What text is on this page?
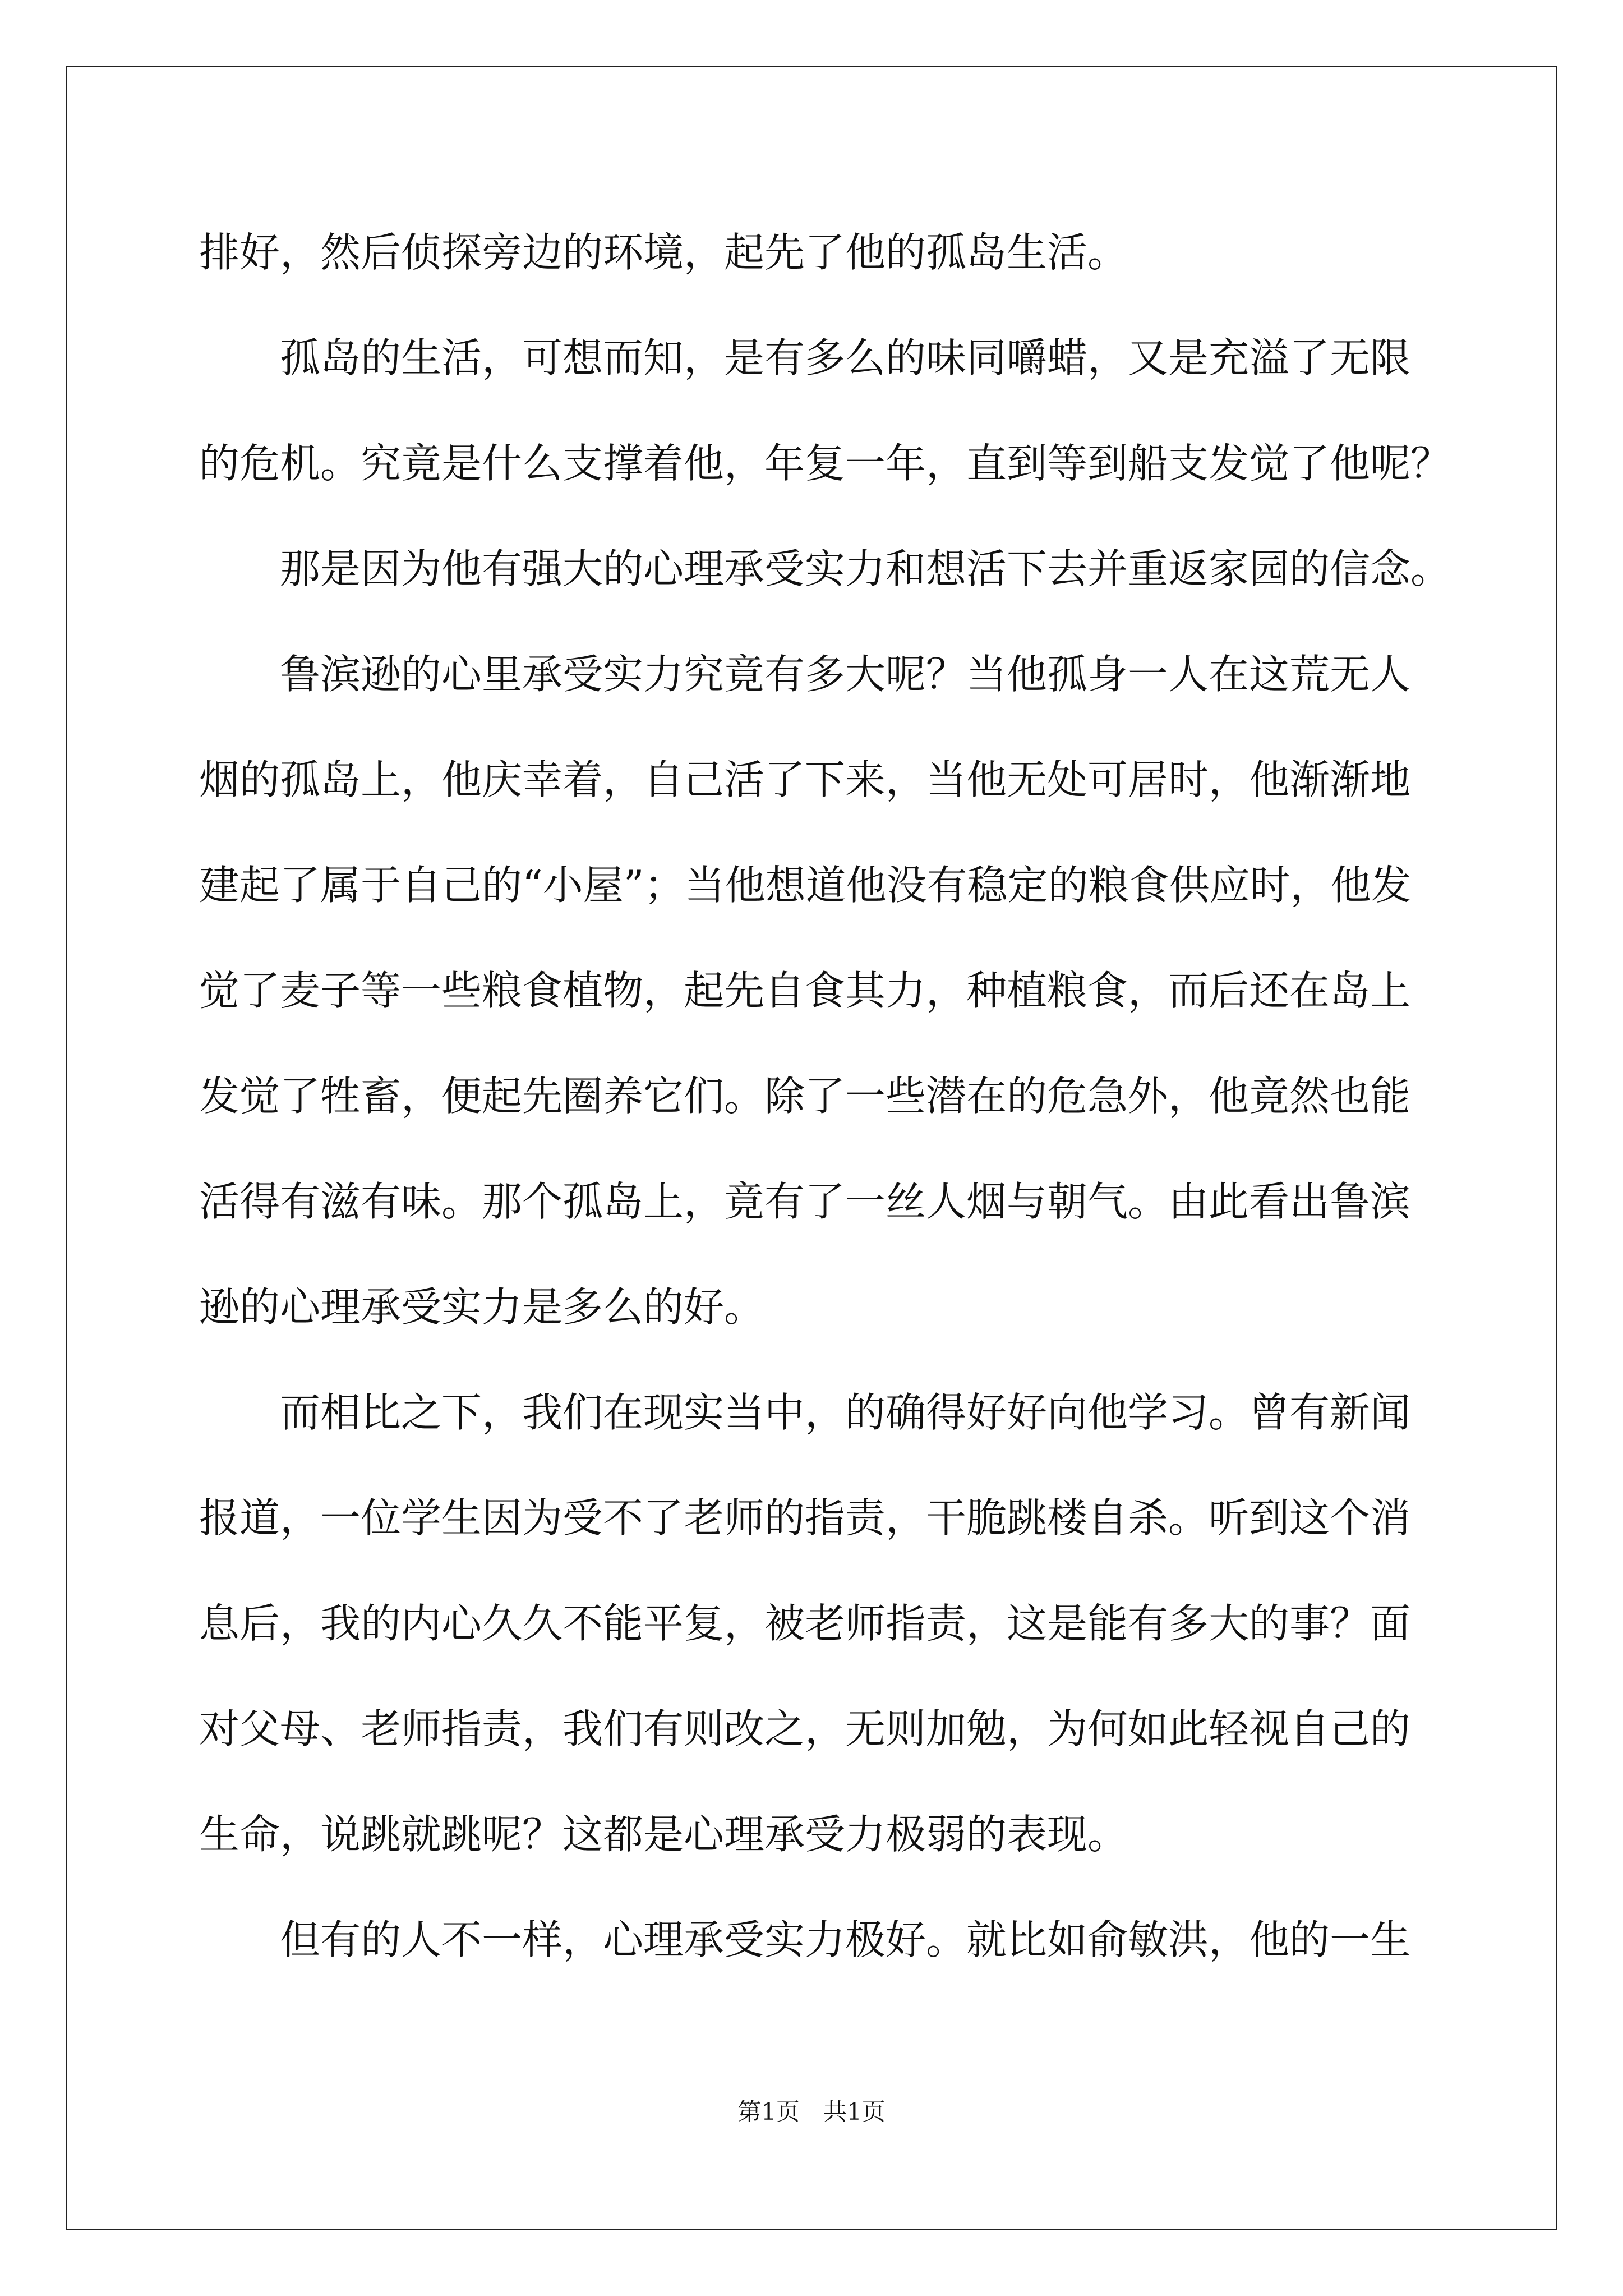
排好，然后侦探旁边的环境，起先了他的孤岛生活。

　　孤岛的生活，可想而知，是有多么的味同嚼蜡，又是充溢了无限

的危机。究竟是什么支撑着他，年复一年，直到等到船支发觉了他呢？

　　那是因为他有强大的心理承受实力和想活下去并重返家园的信念。

　　鲁滨逊的心里承受实力究竟有多大呢？当他孤身一人在这荒无人

烟的孤岛上，他庆幸着，自己活了下来，当他无处可居时，他渐渐地

建起了属于自己的“小屋”；当他想道他没有稳定的粮食供应时，他发

觉了麦子等一些粮食植物，起先自食其力，种植粮食，而后还在岛上

发觉了牲畜，便起先圈养它们。除了一些潜在的危急外，他竟然也能

活得有滋有味。那个孤岛上，竟有了一丝人烟与朝气。由此看出鲁滨

逊的心理承受实力是多么的好。

　　而相比之下，我们在现实当中，的确得好好向他学习。曾有新闻

报道，一位学生因为受不了老师的指责，干脆跳楼自杀。听到这个消

息后，我的内心久久不能平复，被老师指责，这是能有多大的事？面

对父母、老师指责，我们有则改之，无则加勉，为何如此轻视自己的

生命，说跳就跳呢？这都是心理承受力极弱的表现。

　　但有的人不一样，心理承受实力极好。就比如俞敏洪，他的一生

第1页　共1页
